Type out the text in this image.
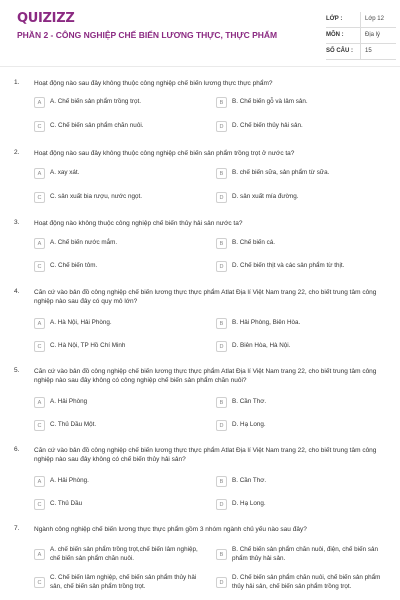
QUIZIZZ
PHẦN 2 - CÔNG NGHIỆP CHẾ BIẾN LƯƠNG THỰC, THỰC PHẨM
LỚP :	Lớp 12
MÔN :	Địa lý
SỐ CÂU : 15
1. Hoạt động nào sau đây không thuộc công nghiệp chế biến lương thực thực phẩm?
A	A. Chế biến sản phẩm trồng trọt.	B	B. Chế biến gỗ và lâm sản.
C	C. Chế biến sản phẩm chăn nuôi.	D	D. Chế biến thủy hải sản.
2. Hoạt động nào sau đây không thuộc công nghiệp chế biến sản phẩm trồng trọt ở nước ta?
A	A. xay xát.	B	B. chế biến sữa, sản phẩm từ sữa.
C	C. sản xuất bia rượu, nước ngọt.	D	D. sản xuất mía đường.
3. Hoạt động nào không thuộc công nghiệp chế biến thủy hải sản nước ta?
A	A. Chế biến nước mắm.	B	B. Chế biến cá.
C	C. Chế biến tôm.	D	D. Chế biến thịt và các sản phẩm từ thịt.
4. Căn cứ vào bản đồ công nghiệp chế biến lương thực thực phẩm Atlat Địa lí Việt Nam trang 22, cho biết trung tâm công nghiệp nào sau đây có quy mô lớn?
A	A. Hà Nội, Hải Phòng.	B	B. Hải Phòng, Biên Hòa.
C	C. Hà Nội, TP Hồ Chí Minh	D	D. Biên Hòa, Hà Nội.
5. Căn cứ vào bản đồ công nghiệp chế biến lương thực thực phẩm Atlat Địa lí Việt Nam trang 22, cho biết trung tâm công nghiệp nào sau đây không có công nghiệp chế biến sản phẩm chăn nuôi?
A	A. Hải Phòng	B	B. Cần Thơ.
C	C. Thủ Dầu Một.	D	D. Hạ Long.
6. Căn cứ vào bản đồ công nghiệp chế biến lương thực thực phẩm Atlat Địa lí Việt Nam trang 22, cho biết trung tâm công nghiệp nào sau đây không có chế biến thủy hải sản?
A	A. Hải Phòng.	B	B. Cần Thơ.
C	C. Thủ Dầu	D	D. Hạ Long.
7. Ngành công nghiệp chế biến lương thực thực phẩm gồm 3 nhóm ngành chủ yếu nào sau đây?
A
A. chế biến sản phẩm trồng trọt,chế biến lâm nghiệp, chế biến sản phẩm chăn nuôi.	B
B. Chế biến sản phẩm chăn nuôi, điện, chế biến sản phẩm thủy hải sản.
C
C. Chế biến lâm nghiệp, chế biến sản phẩm thủy hải sản, chế biến sản phẩm trồng trọt.	D
D. Chế biến sản phẩm chăn nuôi, chế biến sản phẩm thủy hải sản, chế biến sản phẩm trồng trọt.
